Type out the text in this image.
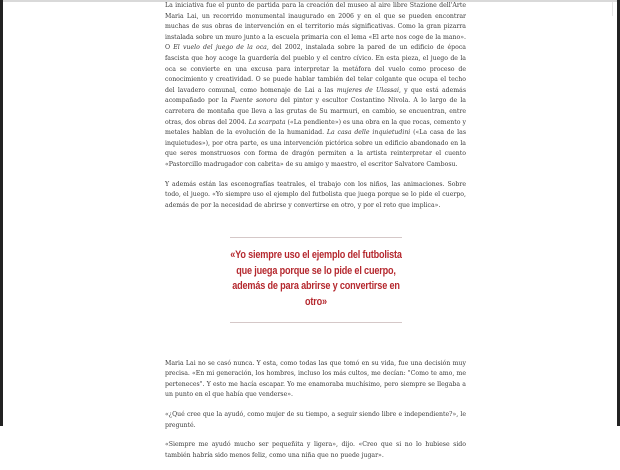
La iniciativa fue el punto de partida para la creación del museo al aire libre Stazione dell'Arte Maria Lai, un recorrido monumental inaugurado en 2006 y en el que se pueden encontrar muchas de sus obras de intervención en el territorio más significativas. Como la gran pizarra instalada sobre un muro junto a la escuela primaria con el lema «El arte nos coge de la mano». O El vuelo del juego de la oca, del 2002, instalada sobre la pared de un edificio de época fascista que hoy acoge la guardería del pueblo y el centro cívico. En esta pieza, el juego de la oca se convierte en una excusa para interpretar la metáfora del vuelo como proceso de conocimiento y creatividad. O se puede hablar también del telar colgante que ocupa el techo del lavadero comunal, como homenaje de Lai a las mujeres de Ulassai, y que está además acompañado por la Fuente sonora del pintor y escultor Costantino Nivola. A lo largo de la carretera de montaña que lleva a las grutas de Su marmuri, en cambio, se encuentran, entre otras, dos obras del 2004. La scarpata («La pendiente») es una obra en la que rocas, cemento y metales hablan de la evolución de la humanidad. La casa delle inquietudini («La casa de las inquietudes»), por otra parte, es una intervención pictórica sobre un edificio abandonado en la que seres monstruosos con forma de dragón permiten a la artista reinterpretar el cuento «Pastorcillo madrugador con cabrita» de su amigo y maestro, el escritor Salvatore Cambosu.

Y además están las escenografías teatrales, el trabajo con los niños, las animaciones. Sobre todo, el juego. «Yo siempre uso el ejemplo del futbolista que juega porque se lo pide el cuerpo, además de por la necesidad de abrirse y convertirse en otro, y por el reto que implica».

«Yo siempre uso el ejemplo del futbolista que juega porque se lo pide el cuerpo, además de para abrirse y convertirse en otro»

Maria Lai no se casó nunca. Y esta, como todas las que tomó en su vida, fue una decisión muy precisa. «En mi generación, los hombres, incluso los más cultos, me decían: "Como te amo, me perteneces". Y esto me hacía escapar. Yo me enamoraba muchísimo, pero siempre se llegaba a un punto en el que había que venderse».

«¿Qué cree que la ayudó, como mujer de su tiempo, a seguir siendo libre e independiente?», le pregunté.

«Siempre me ayudó mucho ser pequeñita y ligera», dijo. «Creo que si no lo hubiese sido también habría sido menos feliz, como una niña que no puede jugar».
